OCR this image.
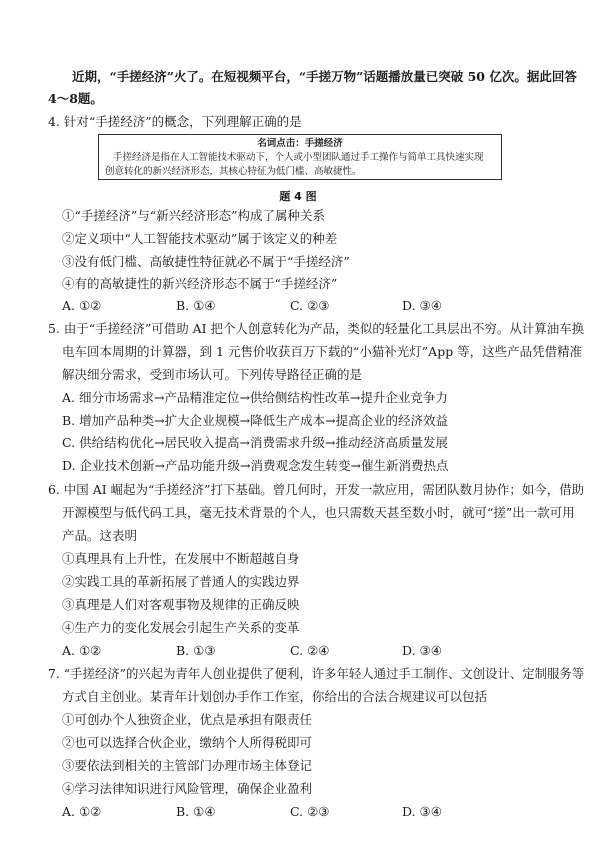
近期，“手搓经济”火了。在短视频平台，“手搓万物”话题播放量已突破 50 亿次。据此回答
4～8题。
4. 针对“手搓经济”的概念，下列理解正确的是
名词点击：手搓经济
手搓经济是指在人工智能技术驱动下，个人或小型团队通过手工操作与简单工具快速实现
创意转化的新兴经济形态，其核心特征为低门槛、高敏捷性。
题 4 图
①“手搓经济”与“新兴经济形态”构成了属种关系
②定义项中“人工智能技术驱动”属于该定义的种差
③没有低门槛、高敏捷性特征就必不属于“手搓经济”
④有的高敏捷性的新兴经济形态不属于“手搓经济”
A. ①②	B. ①④	C. ②③	D. ③④
5. 由于“手搓经济”可借助 AI 把个人创意转化为产品，类似的轻量化工具层出不穷。从计算油车换
电车回本周期的计算器，到 1 元售价收获百万下载的“小猫补光灯”App 等，这些产品凭借精准
解决细分需求，受到市场认可。下列传导路径正确的是
A. 细分市场需求→产品精准定位→供给侧结构性改革→提升企业竞争力
B. 增加产品种类→扩大企业规模→降低生产成本→提高企业的经济效益
C. 供给结构优化→居民收入提高→消费需求升级→推动经济高质量发展
D. 企业技术创新→产品功能升级→消费观念发生转变→催生新消费热点
6. 中国 AI 崛起为“手搓经济”打下基础。曾几何时，开发一款应用，需团队数月协作；如今，借助
开源模型与低代码工具，毫无技术背景的个人，也只需数天甚至数小时，就可“搓”出一款可用
产品。这表明
①真理具有上升性，在发展中不断超越自身
②实践工具的革新拓展了普通人的实践边界
③真理是人们对客观事物及规律的正确反映
④生产力的变化发展会引起生产关系的变革
A. ①②	B. ①③	C. ②④	D. ③④
7. “手搓经济”的兴起为青年人创业提供了便利，许多年轻人通过手工制作、文创设计、定制服务等
方式自主创业。某青年计划创办手作工作室，你给出的合法合规建议可以包括
①可创办个人独资企业，优点是承担有限责任
②也可以选择合伙企业，缴纳个人所得税即可
③要依法到相关的主管部门办理市场主体登记
④学习法律知识进行风险管理，确保企业盈利
A. ①②	B. ①④	C. ②③	D. ③④
